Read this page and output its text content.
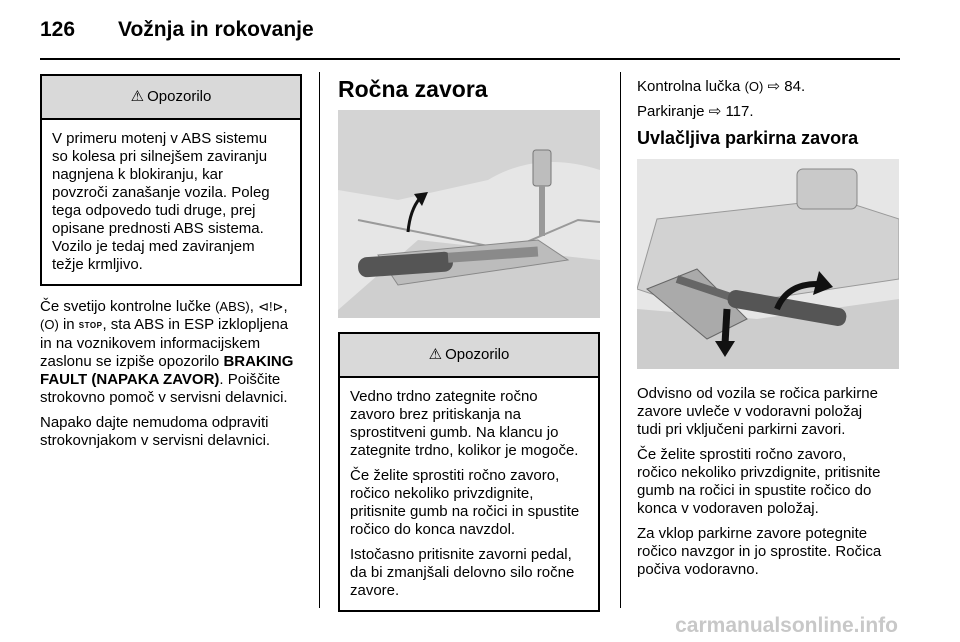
126 Vožnja in rokovanje
⚠ Opozorilo
V primeru motenj v ABS sistemu
so kolesa pri silnejšem zaviranju
nagnjena k blokiranju, kar
povzroči zanašanje vozila. Poleg
tega odpovedo tudi druge, prej
opisane prednosti ABS sistema.
Vozilo je tedaj med zaviranjem
težje krmljivo.

Če svetijo kontrolne lučke (ABS), ⊲!⊳,
(O) in STOP, sta ABS in ESP izklopljena
in na voznikovem informacijskem
zaslonu se izpiše opozorilo BRAKING
FAULT (NAPAKA ZAVOR). Poiščite
strokovno pomoč v servisni delavnici.

Napako dajte nemudoma odpraviti
strokovnjakom v servisni delavnici.

Ročna zavora
⚠ Opozorilo

Vedno trdno zategnite ročno
zavoro brez pritiskanja na
sprostitveni gumb. Na klancu jo
zategnite trdno, kolikor je mogoče.

Če želite sprostiti ročno zavoro,
ročico nekoliko privzdignite,
pritisnite gumb na ročici in spustite
ročico do konca navzdol.

Istočasno pritisnite zavorni pedal,
da bi zmanjšali delovno silo ročne
zavore.

Kontrolna lučka (O) ⇨ 84.

Parkiranje ⇨ 117.

Uvlačljiva parkirna zavora

Odvisno od vozila se ročica parkirne
zavore uvleče v vodoravni položaj
tudi pri vključeni parkirni zavori.

Če želite sprostiti ročno zavoro,
ročico nekoliko privzdignite, pritisnite
gumb na ročici in spustite ročico do
konca v vodoraven položaj.

Za vklop parkirne zavore potegnite
ročico navzgor in jo sprostite. Ročica
počiva vodoravno.

carmanualsonline.info
